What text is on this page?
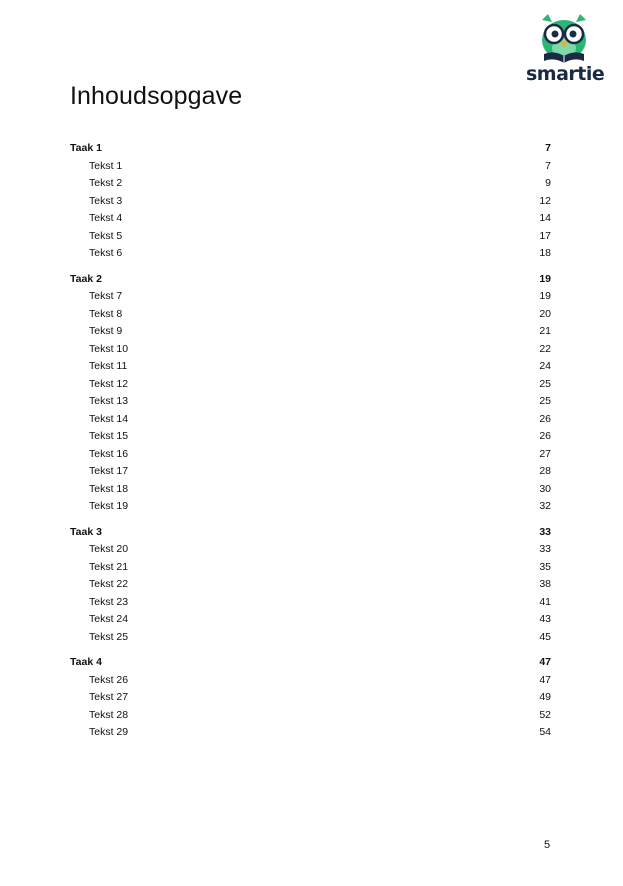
smartie
Inhoudsopgave
Taak 1	7
Tekst 1	7
Tekst 2	9
Tekst 3	12
Tekst 4	14
Tekst 5	17
Tekst 6	18
Taak 2	19
Tekst 7	19
Tekst 8	20
Tekst 9	21
Tekst 10	22
Tekst 11	24
Tekst 12	25
Tekst 13	25
Tekst 14	26
Tekst 15	26
Tekst 16	27
Tekst 17	28
Tekst 18	30
Tekst 19	32
Taak 3	33
Tekst 20	33
Tekst 21	35
Tekst 22	38
Tekst 23	41
Tekst 24	43
Tekst 25	45
Taak 4	47
Tekst 26	47
Tekst 27	49
Tekst 28	52
Tekst 29	54
5
